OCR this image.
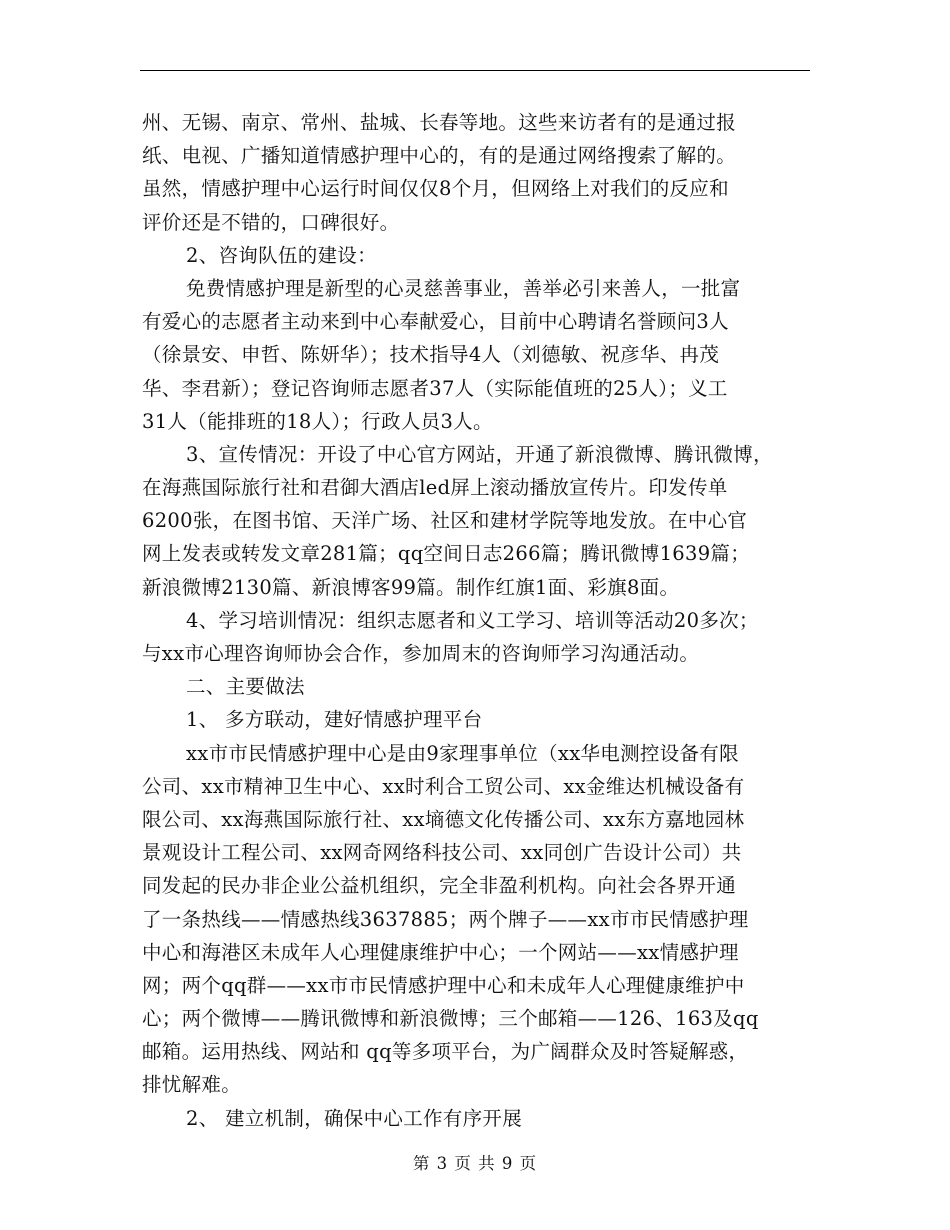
州、无锡、南京、常州、盐城、长春等地。这些来访者有的是通过报
纸、电视、广播知道情感护理中心的，有的是通过网络搜索了解的。
虽然，情感护理中心运行时间仅仅8个月，但网络上对我们的反应和
评价还是不错的，口碑很好。
2、咨询队伍的建设：
免费情感护理是新型的心灵慈善事业，善举必引来善人，一批富
有爱心的志愿者主动来到中心奉献爱心，目前中心聘请名誉顾问3人
（徐景安、申哲、陈妍华）；技术指导4人（刘德敏、祝彦华、冉茂
华、李君新）；登记咨询师志愿者37人（实际能值班的25人）；义工
31人（能排班的18人）；行政人员3人。
3、宣传情况：开设了中心官方网站，开通了新浪微博、腾讯微博，
在海燕国际旅行社和君御大酒店led屏上滚动播放宣传片。印发传单
6200张，在图书馆、天洋广场、社区和建材学院等地发放。在中心官
网上发表或转发文章281篇；qq空间日志266篇；腾讯微博1639篇；
新浪微博2130篇、新浪博客99篇。制作红旗1面、彩旗8面。
4、学习培训情况：组织志愿者和义工学习、培训等活动20多次；
与xx市心理咨询师协会合作，参加周末的咨询师学习沟通活动。
二、主要做法
1、 多方联动，建好情感护理平台
xx市市民情感护理中心是由9家理事单位（xx华电测控设备有限
公司、xx市精神卫生中心、xx时利合工贸公司、xx金维达机械设备有
限公司、xx海燕国际旅行社、xx墒德文化传播公司、xx东方嘉地园林
景观设计工程公司、xx网奇网络科技公司、xx同创广告设计公司）共
同发起的民办非企业公益机组织，完全非盈利机构。向社会各界开通
了一条热线——情感热线3637885；两个牌子——xx市市民情感护理
中心和海港区未成年人心理健康维护中心；一个网站——xx情感护理
网；两个qq群——xx市市民情感护理中心和未成年人心理健康维护中
心；两个微博——腾讯微博和新浪微博；三个邮箱——126、163及qq
邮箱。运用热线、网站和 qq等多项平台，为广阔群众及时答疑解惑，
排忧解难。
2、 建立机制，确保中心工作有序开展
第 3 页 共 9 页
